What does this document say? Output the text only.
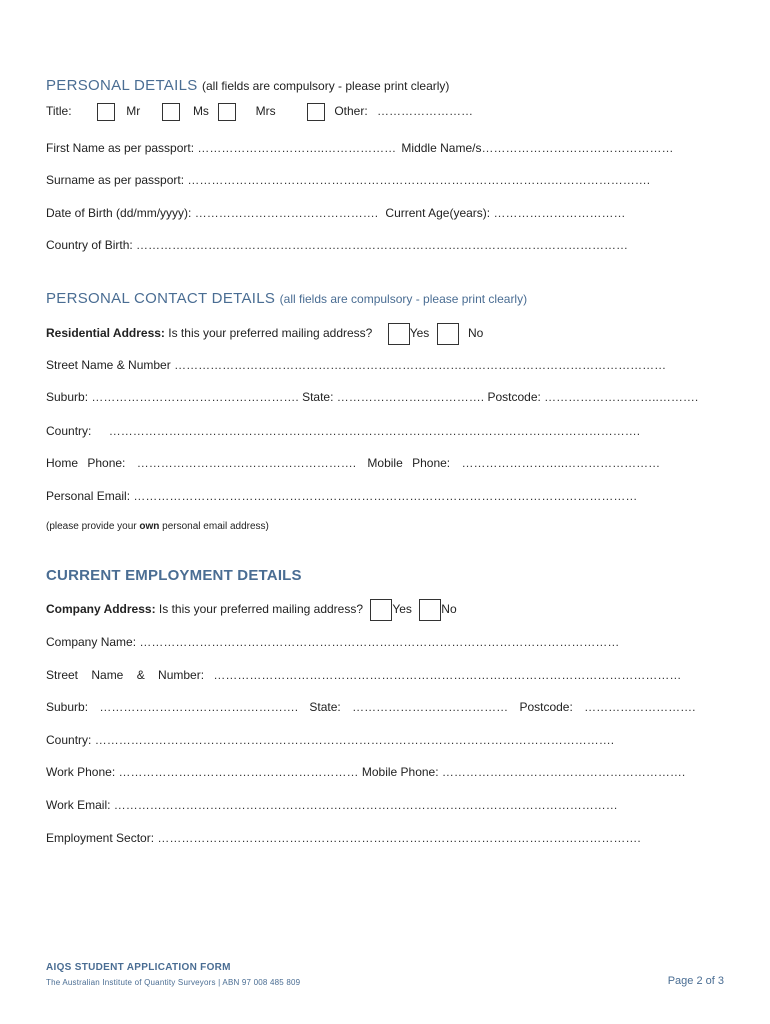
PERSONAL DETAILS (all fields are compulsory - please print clearly)
Title:	Mr	Ms	Mrs	Other: ……………………
First Name as per passport: …………………………..……………… Middle Name/s…………………………………………
Surname as per passport: ……………………………………………………………………………….…………………….
Date of Birth (dd/mm/yyyy): ………………………………………. Current Age(years): ……………………………
Country of Birth: ……………………………………………………………………………………………………………
PERSONAL CONTACT DETAILS (all fields are compulsory - please print clearly)
Residential Address: Is this your preferred mailing address?	Yes	No
Street Name & Number ……………………………………………………………………………………………………………
Suburb: ……………………………………………. State: ………………………………. Postcode: ………………………..……….
Country: …………………………………………………………………………………………………………………….
Home Phone: ………………………………………………. Mobile Phone: ……………………..……………………
Personal Email: ………………………………………………………………………………………………………………
(please provide your own personal email address)
CURRENT EMPLOYMENT DETAILS
Company Address: Is this your preferred mailing address? Yes No
Company Name: …………………………………………………………………………………………………………
Street Name & Number: ………………………………………………………………………………………………………
Suburb: ……………………………….…………. State: ………………………………… Postcode: ……………………….
Country: ………………………………………………………………………………………………………………….
Work Phone: …………………………………………………… Mobile Phone: …………………………………………………….
Work Email: ………………………………………………………………………………………………………………
Employment Sector: ………………………………………………………………………………………………………….
AIQS STUDENT APPLICATION FORM
The Australian Institute of Quantity Surveyors | ABN 97 008 485 809	Page 2 of 3
